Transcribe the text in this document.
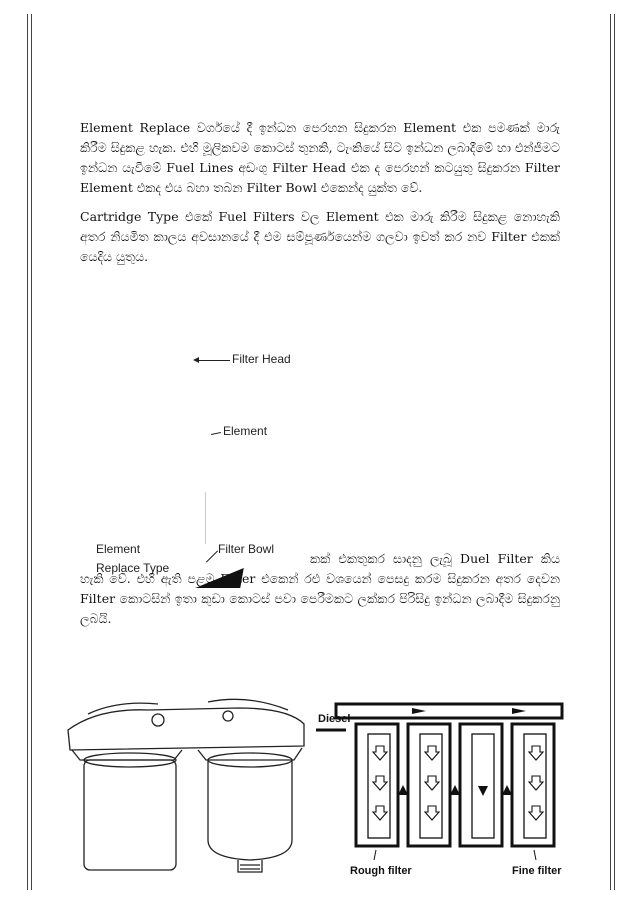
Element Replace වර්ගයේ දී ඉන්ධන පෙරහන සිදුකරන Element එක පමණක් මාරු කිරීම සිදුකළ හැක. එහි මූලිකවම කොටස් තුනකි, ටැංකියේ සිට ඉන්ධන ලබාදීමේ හා එන්ජිමට ඉන්ධන යැවීමේ Fuel Lines අඩංගු Filter Head එක ද පෙරහන් කටයුතු සිදුකරන Filter Element එකද එය බහා තබන Filter Bowl එකෙන්ද යුක්ත වේ.

Cartridge Type එකේ Fuel Filters වල Element එක මාරු කිරීම සිදුකළ නොහැකි අතර නියමිත කාලය අවසානයේ දී එම සම්පූර්ණයෙන්ම ගලවා ඉවත් කර නව Filter එකක් යෙදිය යුතුය.

Filter Head
Element
Filter Bowl
Element
Replace Type

කක් එකතුකර සාදනු ලැබූ Duel Filter කිය හැකි වේ. එහි ඇති පළමු Filter එකෙන් රළු වශයෙන් පෙසදු කරම සිදුකරන අතර දෙවන Filter කොටසින් ඉතා කුඩා කොටස් පවා පෙරීමකට ලක්කර පිරිසිදු ඉන්ධන ලබාදීම සිදුකරනු ලබයි.

Diesel
Rough filter	Fine filter
